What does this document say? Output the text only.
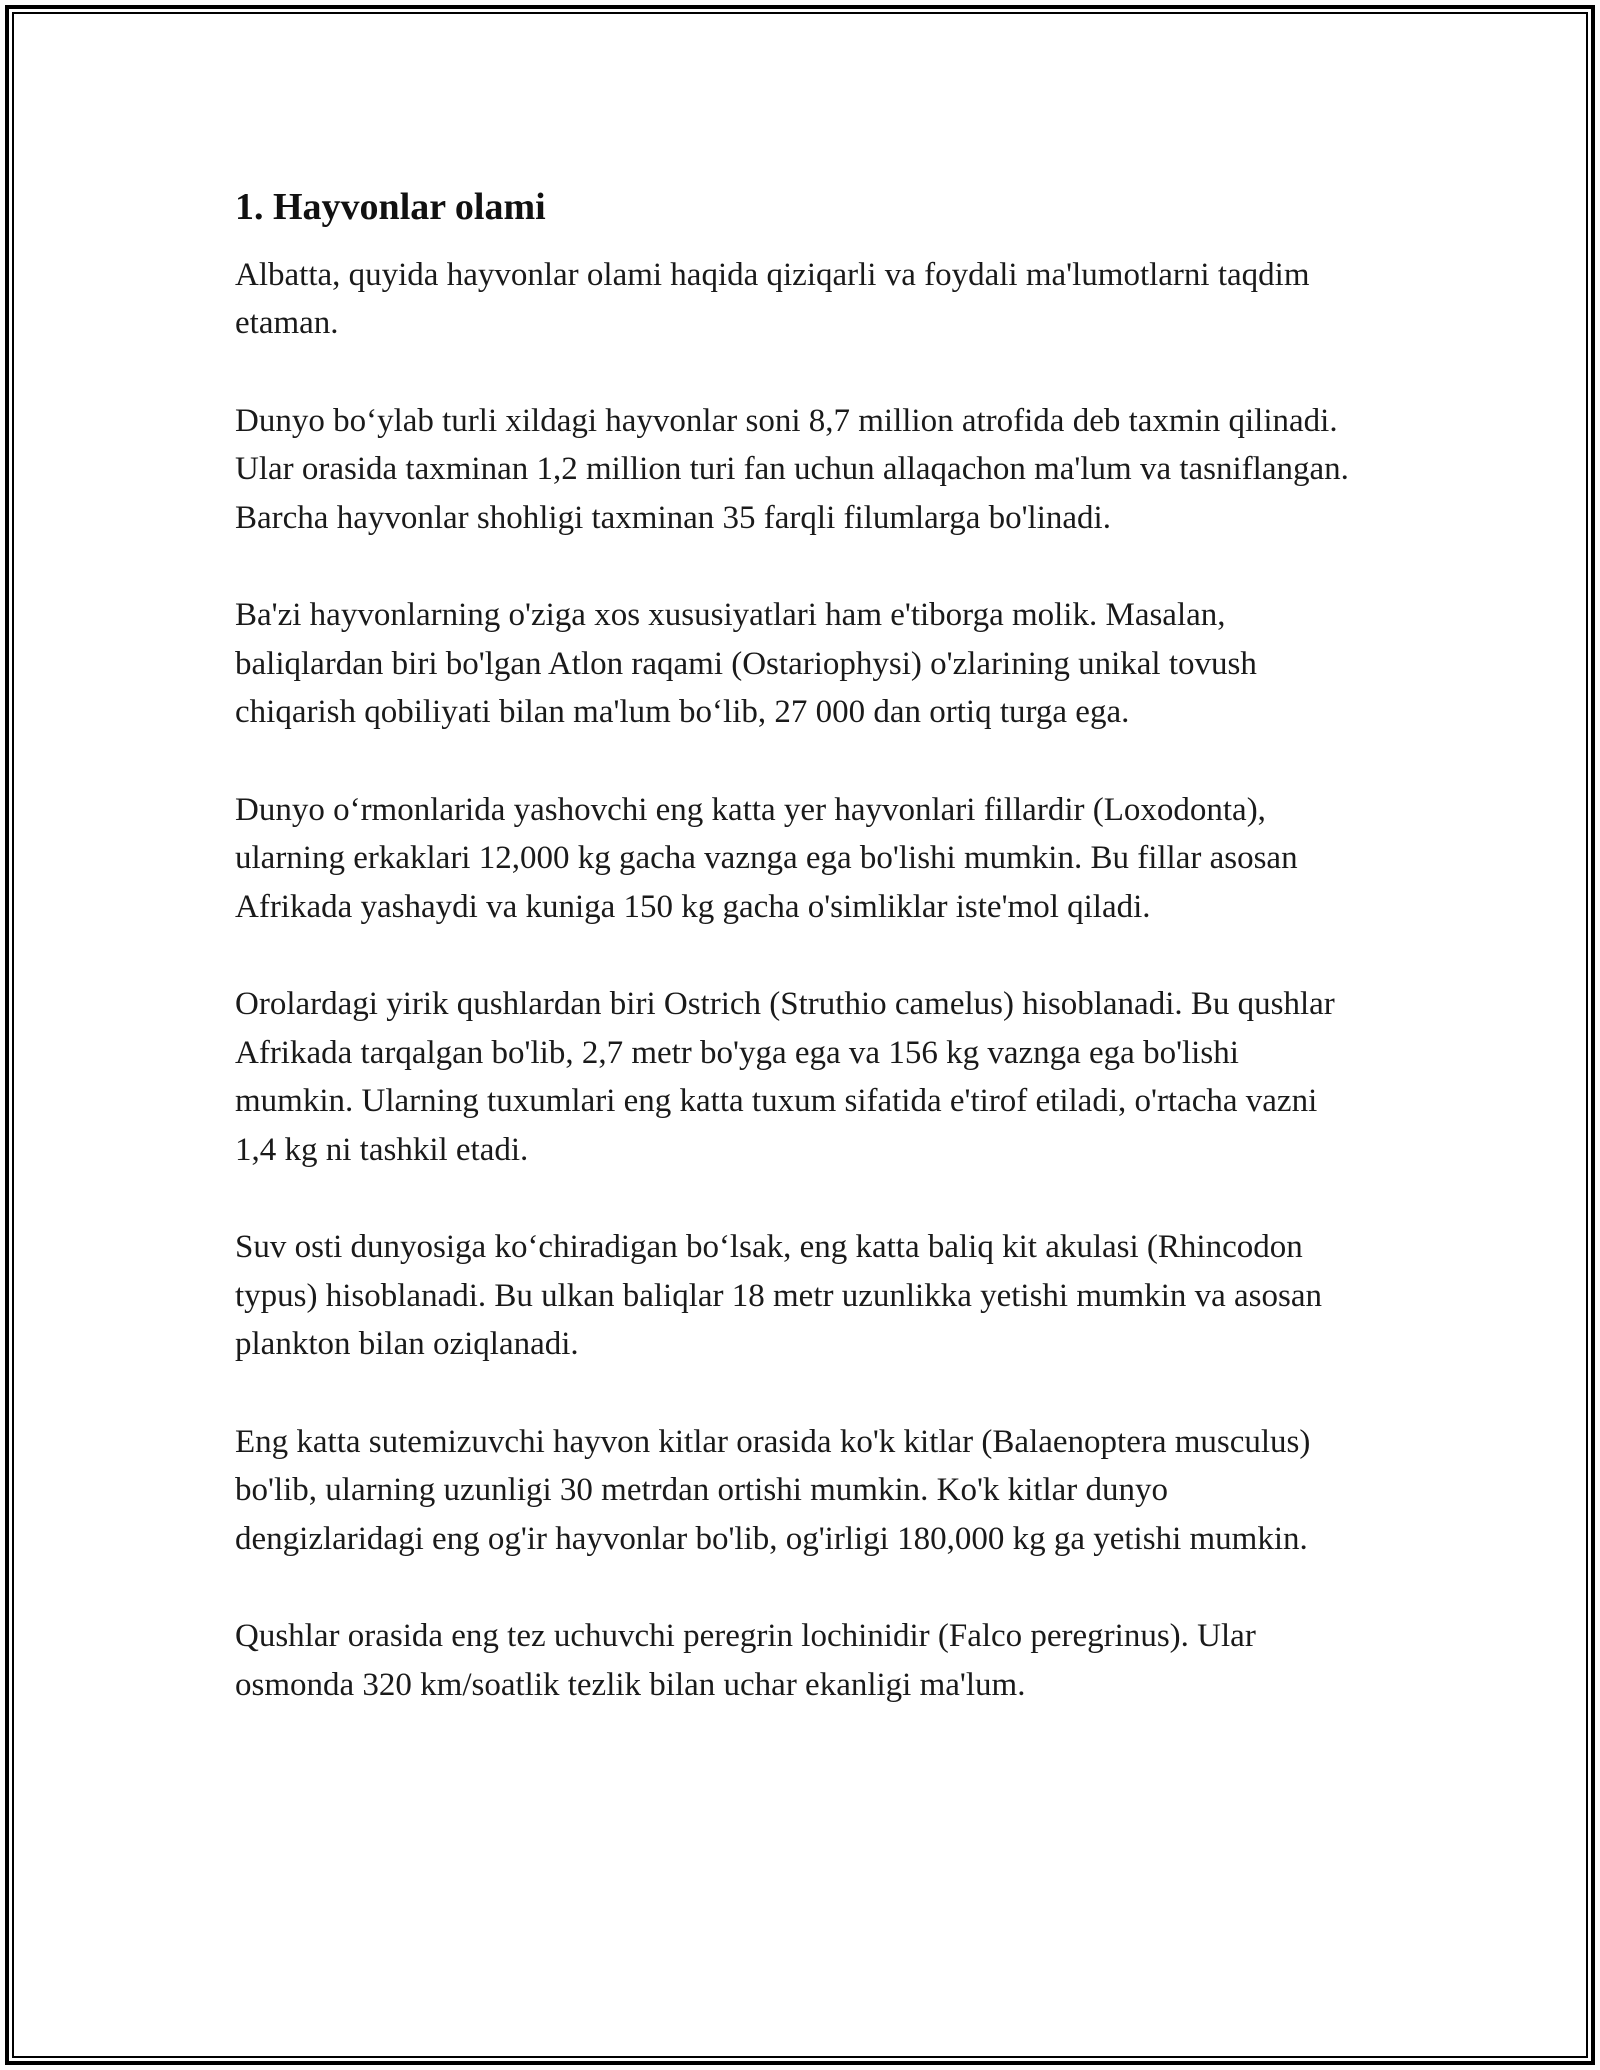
1. Hayvonlar olami

Albatta, quyida hayvonlar olami haqida qiziqarli va foydali ma'lumotlarni taqdim etaman.

Dunyo bo‘ylab turli xildagi hayvonlar soni 8,7 million atrofida deb taxmin qilinadi. Ular orasida taxminan 1,2 million turi fan uchun allaqachon ma'lum va tasniflangan. Barcha hayvonlar shohligi taxminan 35 farqli filumlarga bo'linadi.

Ba'zi hayvonlarning o'ziga xos xususiyatlari ham e'tiborga molik. Masalan, baliqlardan biri bo'lgan Atlon raqami (Ostariophysi) o'zlarining unikal tovush chiqarish qobiliyati bilan ma'lum bo‘lib, 27 000 dan ortiq turga ega.

Dunyo o‘rmonlarida yashovchi eng katta yer hayvonlari fillardir (Loxodonta), ularning erkaklari 12,000 kg gacha vaznga ega bo'lishi mumkin. Bu fillar asosan Afrikada yashaydi va kuniga 150 kg gacha o'simliklar iste'mol qiladi.

Orolardagi yirik qushlardan biri Ostrich (Struthio camelus) hisoblanadi. Bu qushlar Afrikada tarqalgan bo'lib, 2,7 metr bo'yga ega va 156 kg vaznga ega bo'lishi mumkin. Ularning tuxumlari eng katta tuxum sifatida e'tirof etiladi, o'rtacha vazni 1,4 kg ni tashkil etadi.

Suv osti dunyosiga ko‘chiradigan bo‘lsak, eng katta baliq kit akulasi (Rhincodon typus) hisoblanadi. Bu ulkan baliqlar 18 metr uzunlikka yetishi mumkin va asosan plankton bilan oziqlanadi.

Eng katta sutemizuvchi hayvon kitlar orasida ko'k kitlar (Balaenoptera musculus) bo'lib, ularning uzunligi 30 metrdan ortishi mumkin. Ko'k kitlar dunyo dengizlaridagi eng og'ir hayvonlar bo'lib, og'irligi 180,000 kg ga yetishi mumkin.

Qushlar orasida eng tez uchuvchi peregrin lochinidir (Falco peregrinus). Ular osmonda 320 km/soatlik tezlik bilan uchar ekanligi ma'lum.
